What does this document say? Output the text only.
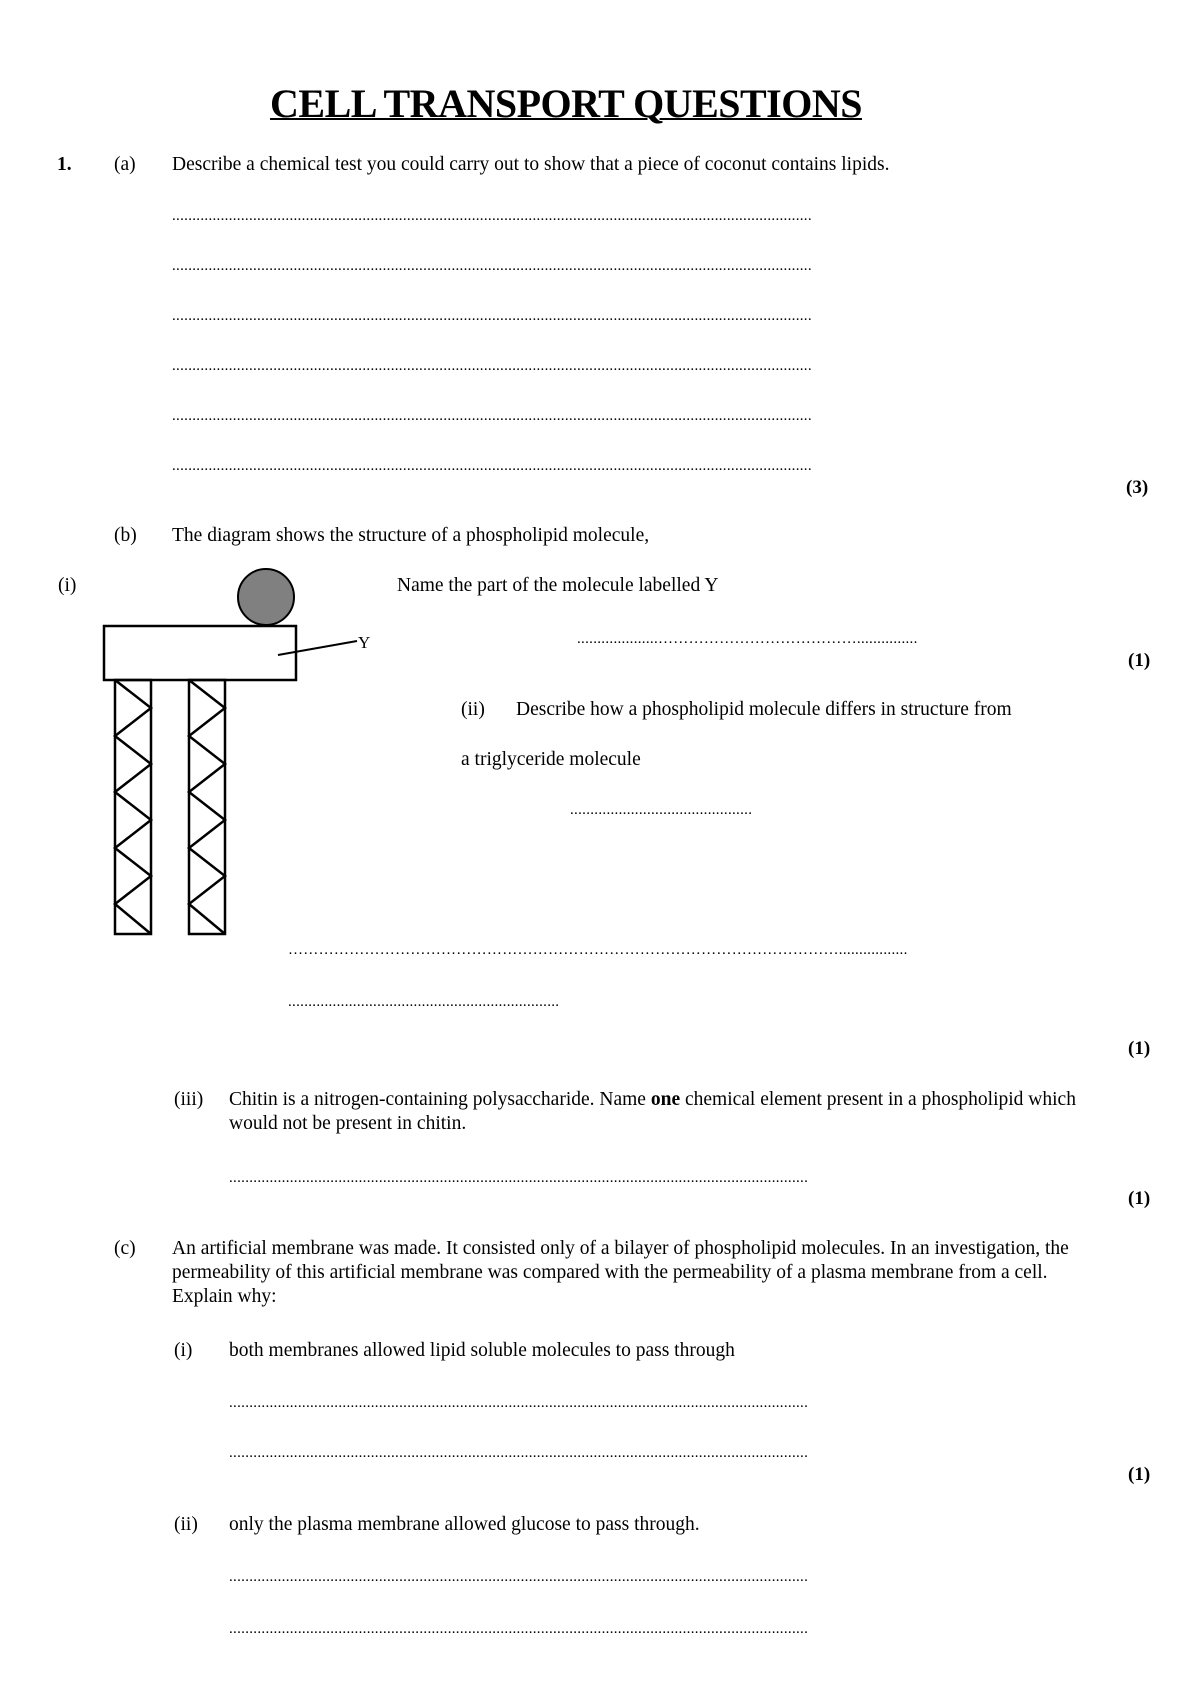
CELL TRANSPORT QUESTIONS
1. (a) Describe a chemical test you could carry out to show that a piece of coconut contains lipids.
..............................................................................................................................................................
..............................................................................................................................................................
..............................................................................................................................................................
..............................................................................................................................................................
..............................................................................................................................................................
..............................................................................................................................................................
(3)
(b) The diagram shows the structure of a phospholipid molecule,
(i)	Name the part of the molecule labelled Y
....................…………………………………...............
(1)
Y
(ii) Describe how a phospholipid molecule differs in structure from
a triglyceride molecule
.............................................
……………………………………………………………………………………………….................
...................................................................
(1)
(iii) Chitin is a nitrogen-containing polysaccharide. Name one chemical element present in a phospholipid which would not be present in chitin.
...............................................................................................................................................
(1)
(c) An artificial membrane was made. It consisted only of a bilayer of phospholipid molecules. In an investigation, the permeability of this artificial membrane was compared with the permeability of a plasma membrane from a cell. Explain why:
(i) both membranes allowed lipid soluble molecules to pass through
...............................................................................................................................................
...............................................................................................................................................
(1)
(ii) only the plasma membrane allowed glucose to pass through.
...............................................................................................................................................
...............................................................................................................................................
